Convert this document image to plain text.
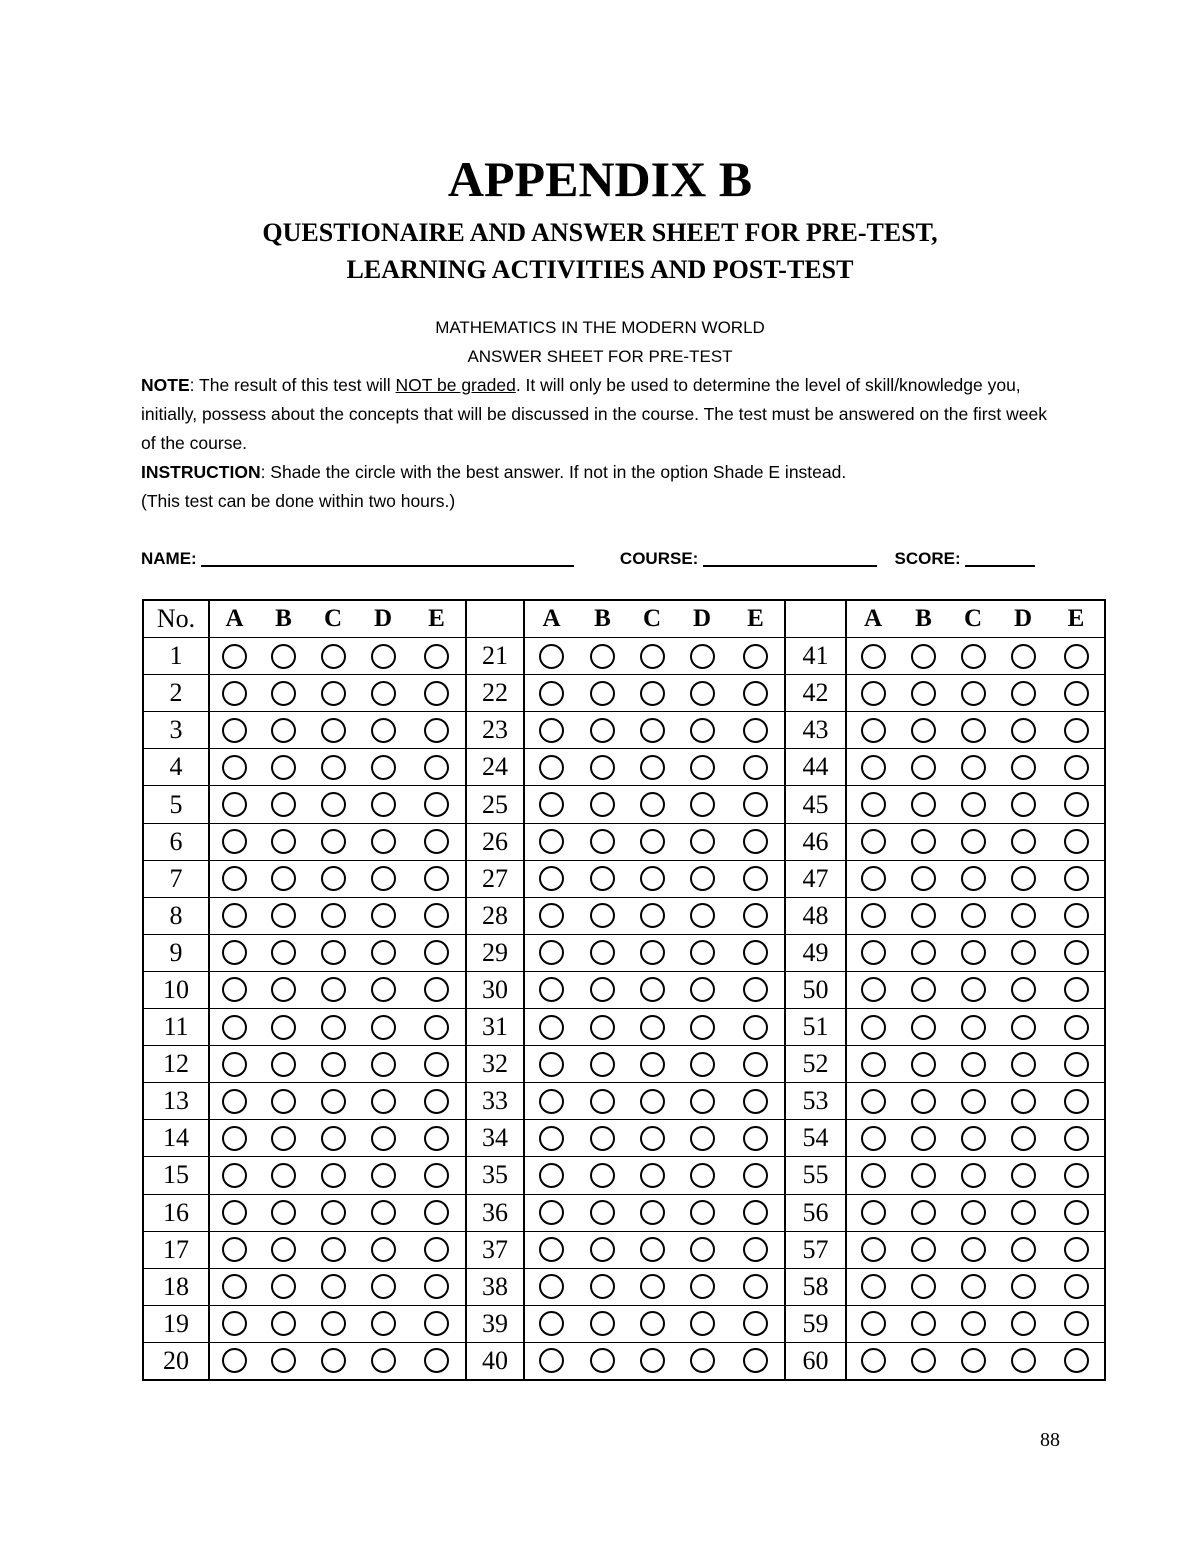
APPENDIX B
QUESTIONAIRE AND ANSWER SHEET FOR PRE-TEST,
LEARNING ACTIVITIES AND POST-TEST
MATHEMATICS IN THE MODERN WORLD
ANSWER SHEET FOR PRE-TEST
NOTE: The result of this test will NOT be graded. It will only be used to determine the level of skill/knowledge you, initially, possess about the concepts that will be discussed in the course. The test must be answered on the first week of the course.
INSTRUCTION: Shade the circle with the best answer. If not in the option Shade E instead.
(This test can be done within two hours.)
NAME:	COURSE:	SCORE:
No.	A	B	C	D	E		A	B	C	D	E		A	B	C	D	E
1						21						41					
2						22						42					
3						23						43					
4						24						44					
5						25						45					
6						26						46					
7						27						47					
8						28						48					
9						29						49					
10						30						50					
11						31						51					
12						32						52					
13						33						53					
14						34						54					
15						35						55					
16						36						56					
17						37						57					
18						38						58					
19						39						59					
20						40						60					
88
